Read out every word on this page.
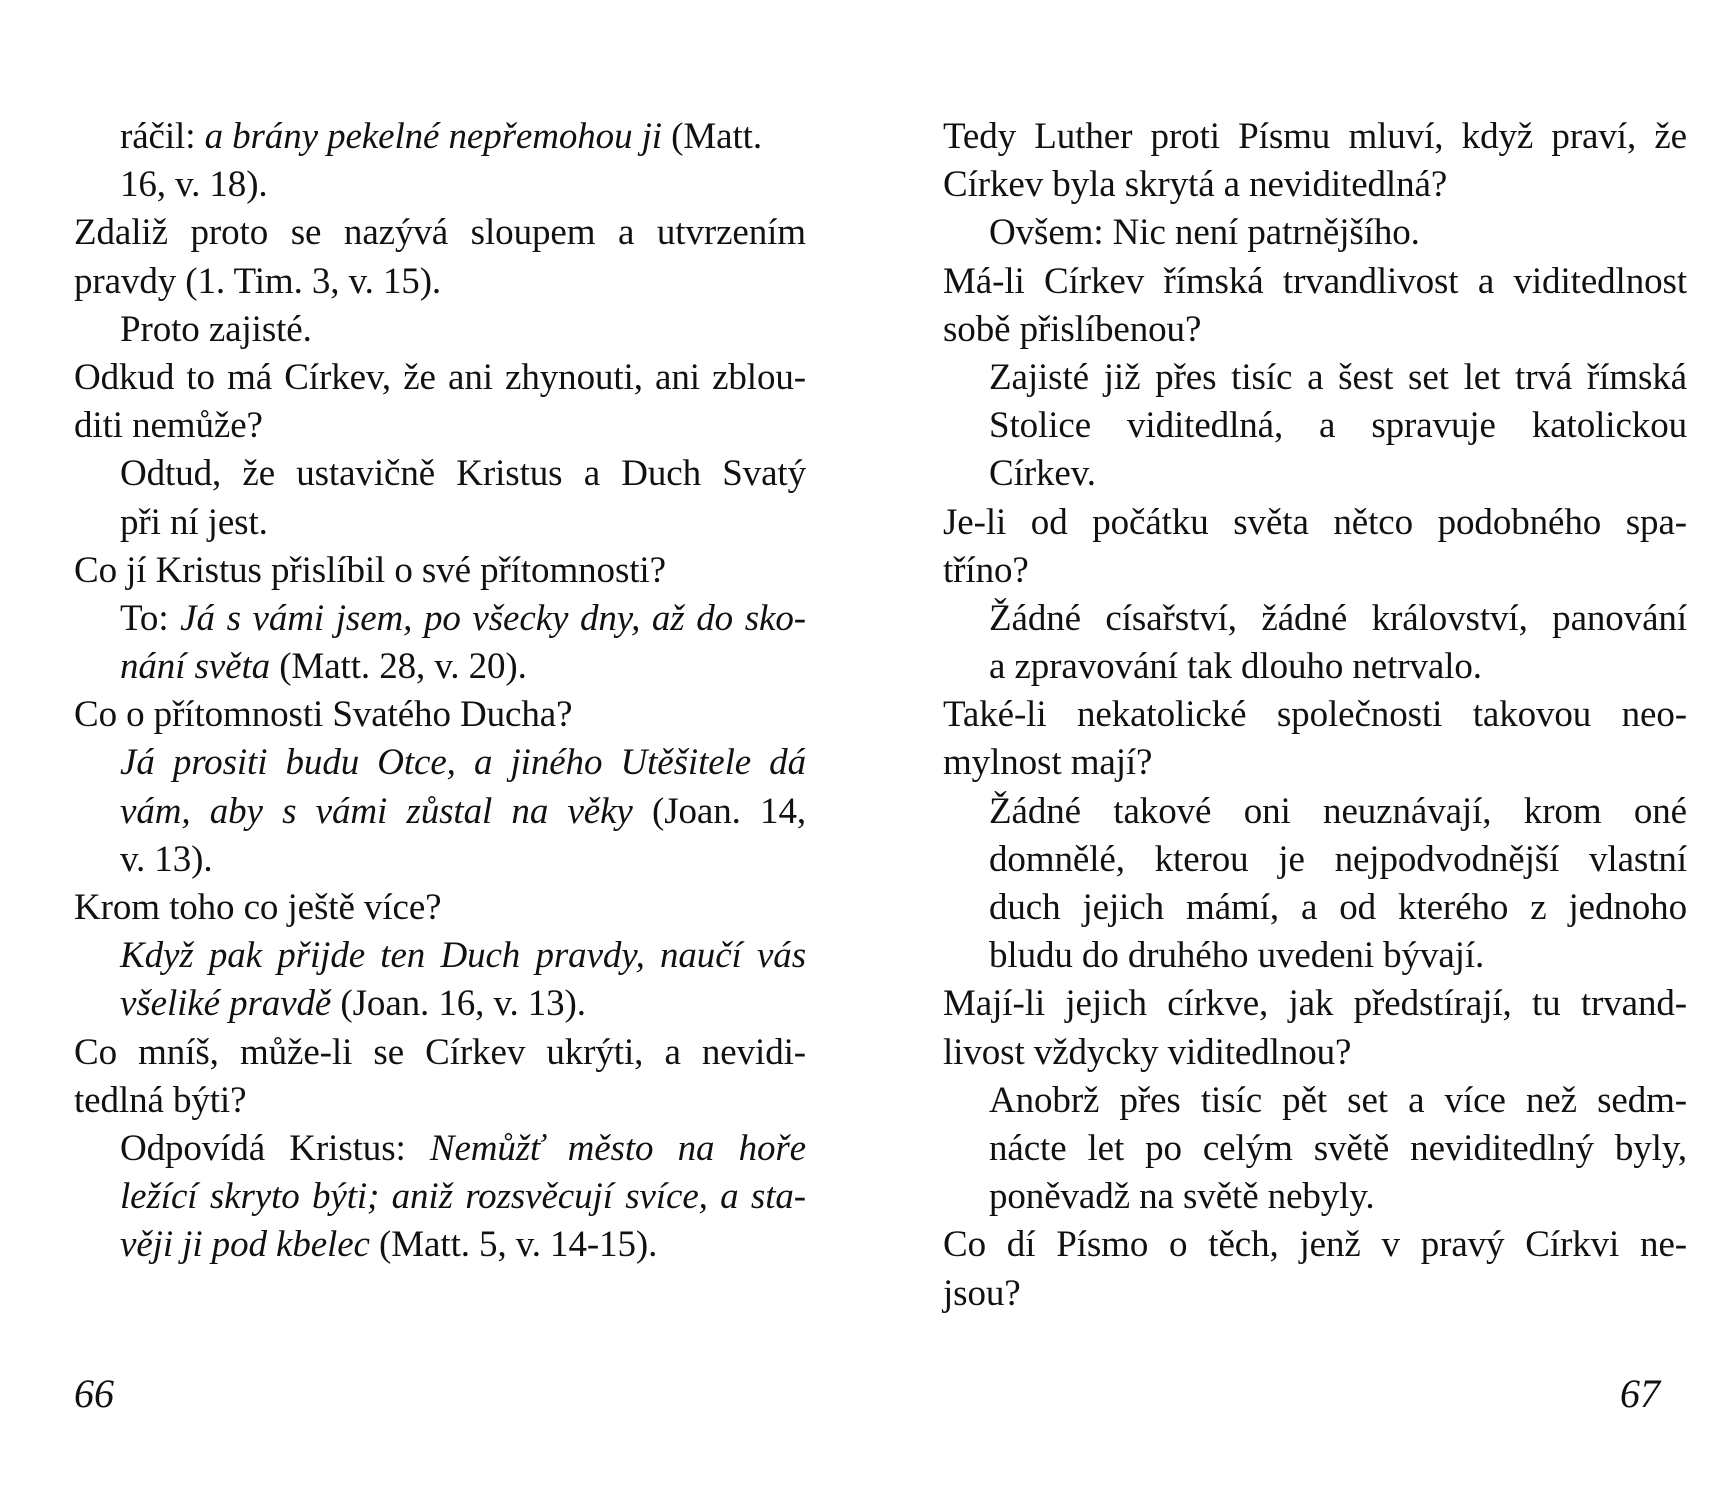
ráčil: a brány pekelné nepřemohou ji (Matt.
16, v. 18).
Zdaliž proto se nazývá sloupem a utvrzením
pravdy (1. Tim. 3, v. 15).
Proto zajisté.
Odkud to má Církev, že ani zhynouti, ani zblou-
diti nemůže?
Odtud, že ustavičně Kristus a Duch Svatý
při ní jest.
Co jí Kristus přislíbil o své přítomnosti?
To: Já s vámi jsem, po všecky dny, až do sko-
nání světa (Matt. 28, v. 20).
Co o přítomnosti Svatého Ducha?
Já prositi budu Otce, a jiného Utěšitele dá
vám, aby s vámi zůstal na věky (Joan. 14,
v. 13).
Krom toho co ještě více?
Když pak přijde ten Duch pravdy, naučí vás
všeliké pravdě (Joan. 16, v. 13).
Co mníš, může-li se Církev ukrýti, a nevidi-
tedlná býti?
Odpovídá Kristus: Nemůžť město na hoře
ležící skryto býti; aniž rozsvěcují svíce, a sta-
věji ji pod kbelec (Matt. 5, v. 14-15).
66
Tedy Luther proti Písmu mluví, když praví, že
Církev byla skrytá a neviditedlná?
Ovšem: Nic není patrnějšího.
Má-li Církev římská trvandlivost a viditedlnost
sobě přislíbenou?
Zajisté již přes tisíc a šest set let trvá římská
Stolice viditedlná, a spravuje katolickou
Církev.
Je-li od počátku světa nětco podobného spa-
tříno?
Žádné císařství, žádné království, panování
a zpravování tak dlouho netrvalo.
Také-li nekatolické společnosti takovou neo-
mylnost mají?
Žádné takové oni neuznávají, krom oné
domnělé, kterou je nejpodvodnější vlastní
duch jejich mámí, a od kterého z jednoho
bludu do druhého uvedeni bývají.
Mají-li jejich církve, jak předstírají, tu trvand-
livost vždycky viditedlnou?
Anobrž přes tisíc pět set a více než sedm-
nácte let po celým světě neviditedlný byly,
poněvadž na světě nebyly.
Co dí Písmo o těch, jenž v pravý Církvi ne-
jsou?
67
